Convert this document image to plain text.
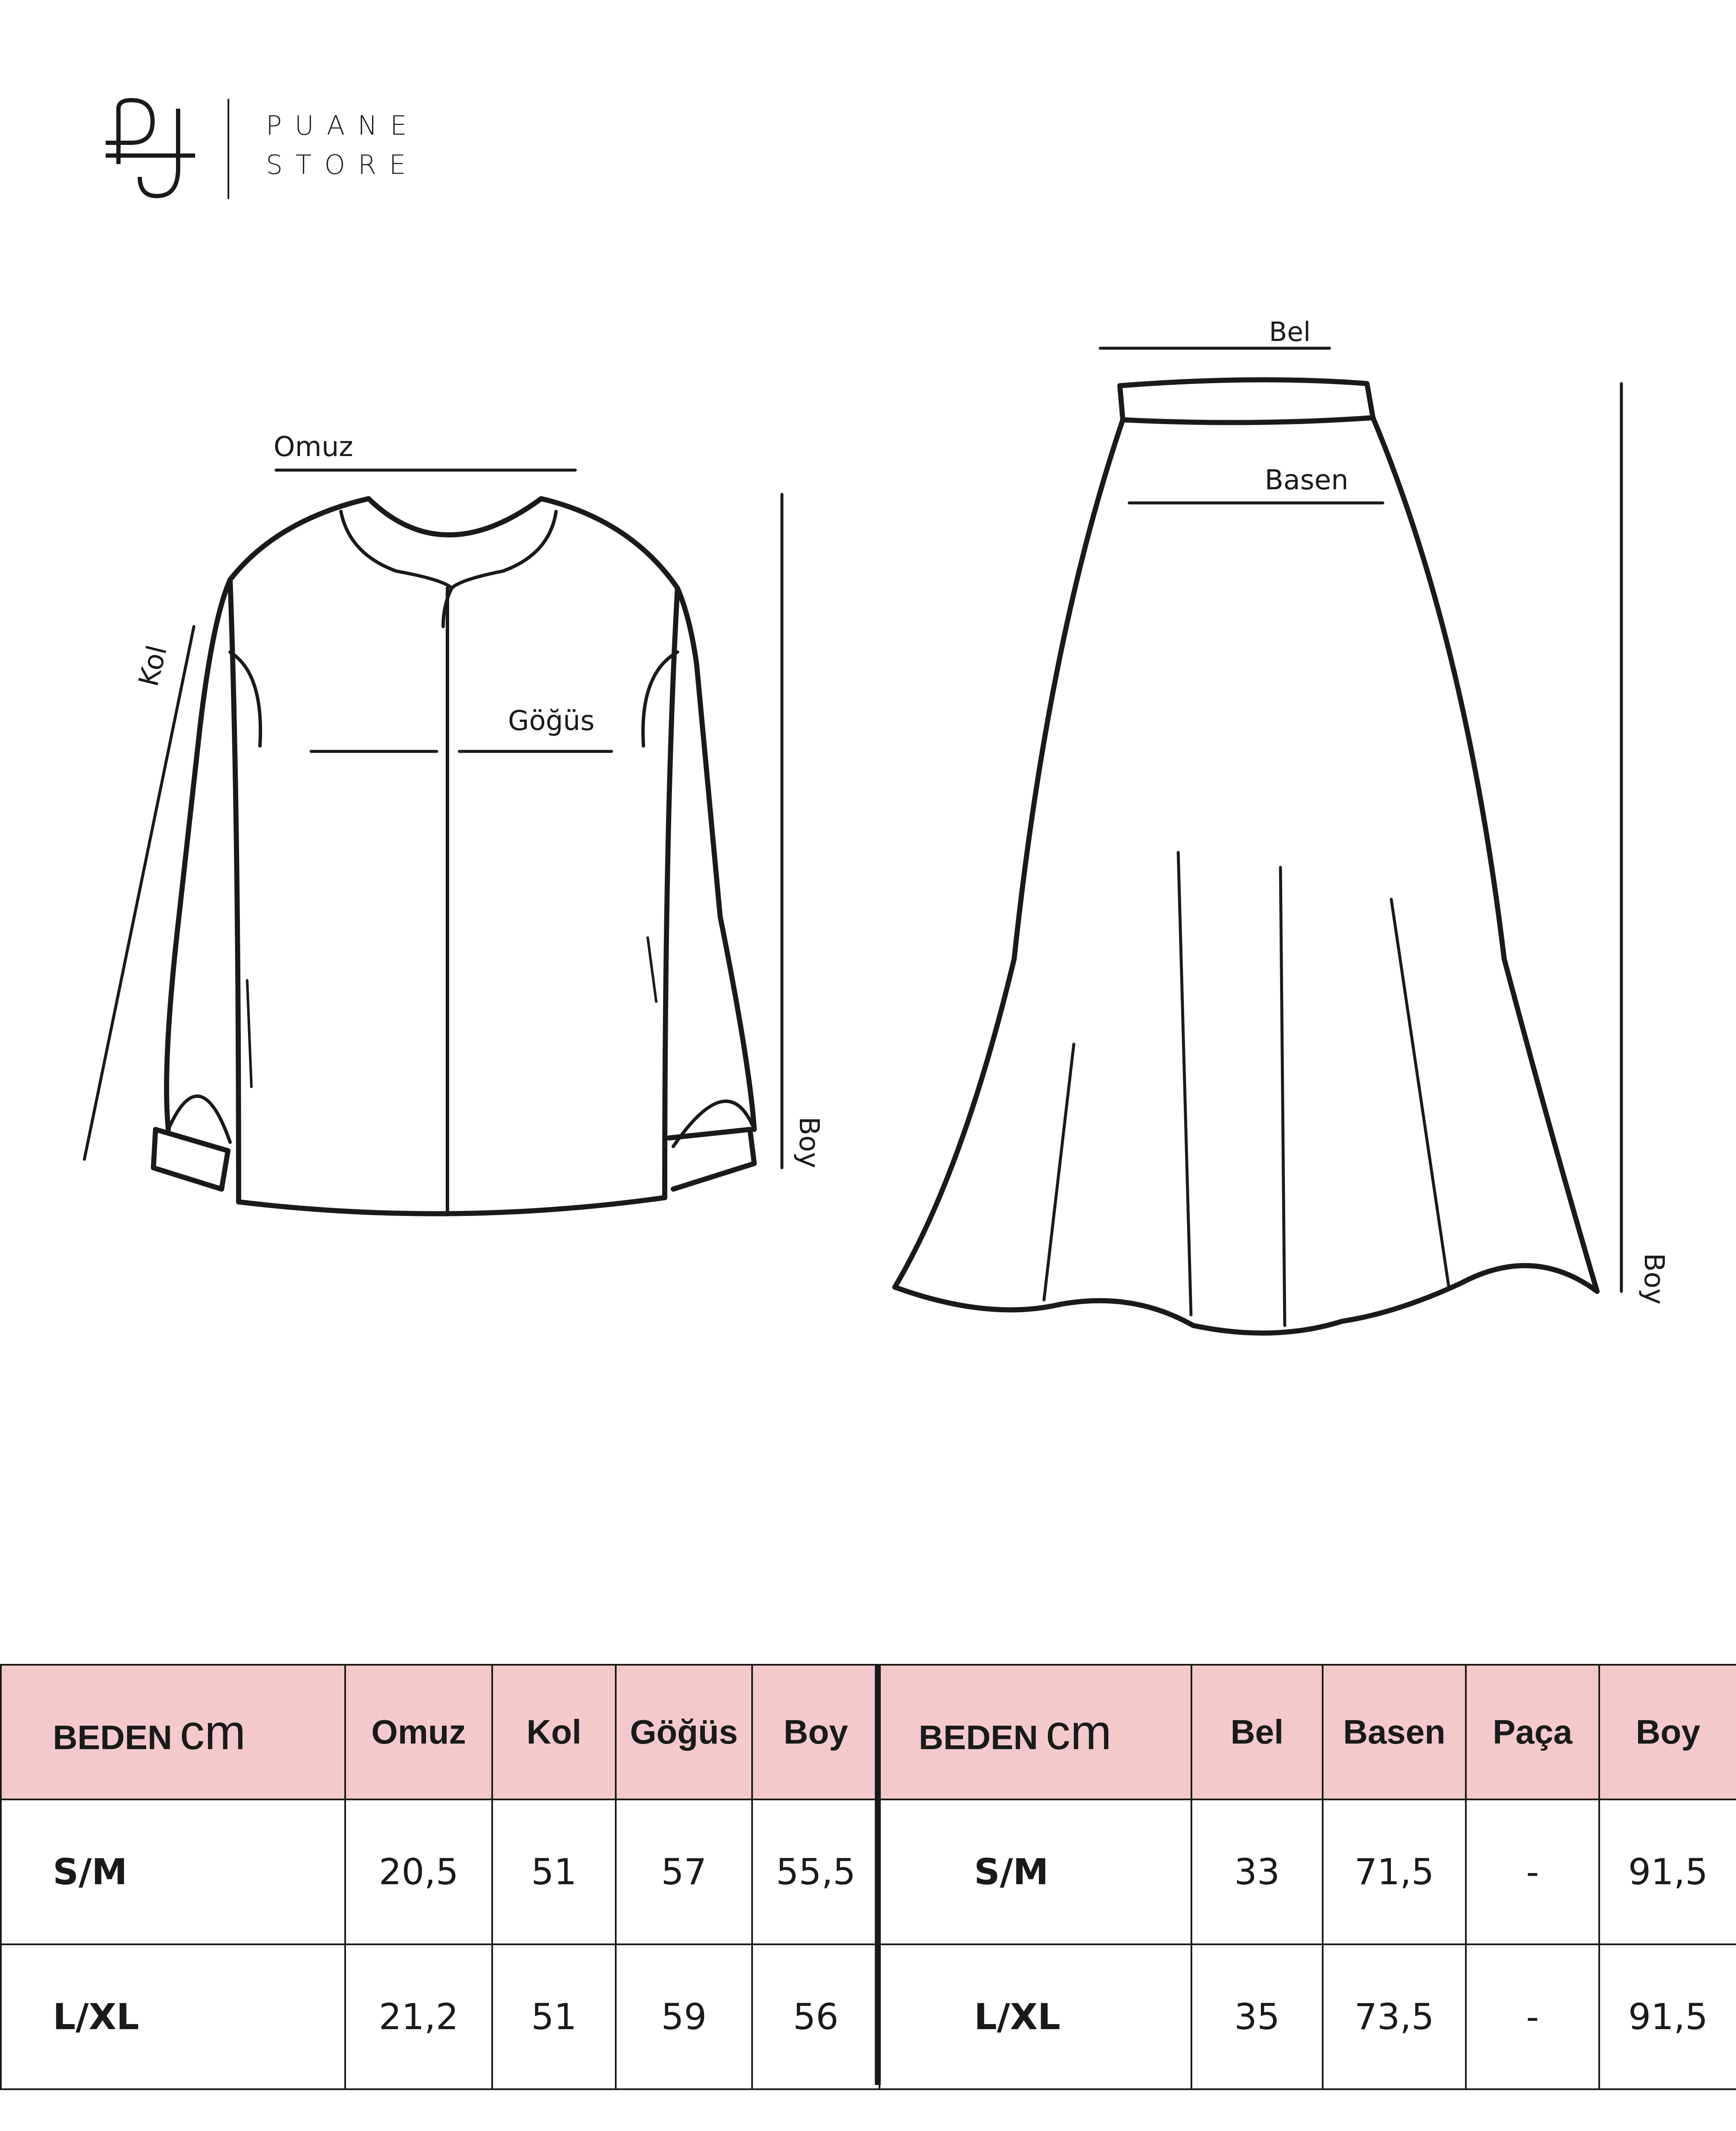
PUANE
STORE
Omuz
Kol
Göğüs
Boy
Bel
Basen
Boy
BEDEN cm	Omuz	Kol	Göğüs	Boy
S/M	20,5	51	57	55,5
L/XL	21,2	51	59	56
BEDEN cm	Bel	Basen	Paça	Boy
S/M	33	71,5	-	91,5
L/XL	35	73,5	-	91,5
